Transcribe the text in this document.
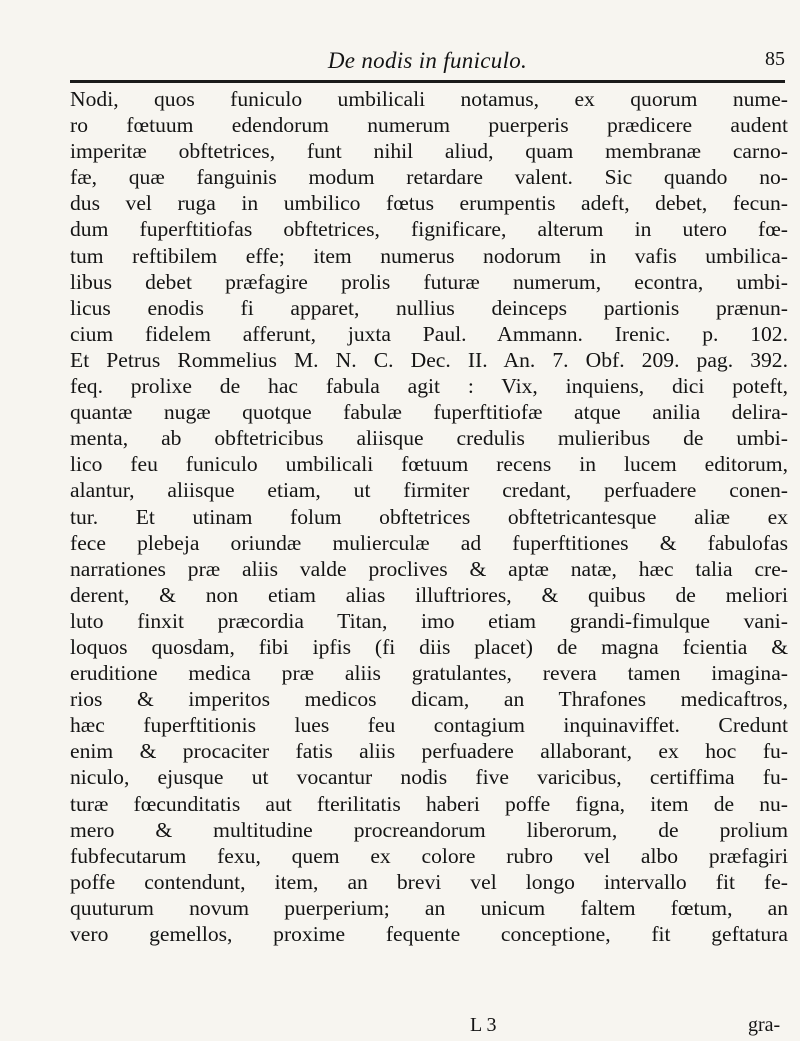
De nodis in funiculo.	85
Nodi, quos funiculo umbilicali notamus, ex quorum nume-
ro fœtuum edendorum numerum puerperis prædicere audent
imperitæ obftetrices, funt nihil aliud, quam membranæ carno-
fæ, quæ fanguinis modum retardare valent. Sic quando no-
dus vel ruga in umbilico fœtus erumpentis adeft, debet, fecun-
dum fuperftitiofas obftetrices, fignificare, alterum in utero fœ-
tum reftibilem effe; item numerus nodorum in vafis umbilica-
libus debet præfagire prolis futuræ numerum, econtra, umbi-
licus enodis fi apparet, nullius deinceps partionis prænun-
cium fidelem afferunt, juxta Paul. Ammann. Irenic. p. 102.
Et Petrus Rommelius M. N. C. Dec. II. An. 7. Obf. 209. pag. 392.
feq. prolixe de hac fabula agit : Vix, inquiens, dici poteft,
quantæ nugæ quotque fabulæ fuperftitiofæ atque anilia delira-
menta, ab obftetricibus aliisque credulis mulieribus de umbi-
lico feu funiculo umbilicali fœtuum recens in lucem editorum,
alantur, aliisque etiam, ut firmiter credant, perfuadere conen-
tur. Et utinam folum obftetrices obftetricantesque aliæ ex
fece plebeja oriundæ mulierculæ ad fuperftitiones & fabulofas
narrationes præ aliis valde proclives & aptæ natæ, hæc talia cre-
derent, & non etiam alias illuftriores, & quibus de meliori
luto finxit præcordia Titan, imo etiam grandi-fimulque vani-
loquos quosdam, fibi ipfis (fi diis placet) de magna fcientia &
eruditione medica præ aliis gratulantes, revera tamen imagina-
rios & imperitos medicos dicam, an Thrafones medicaftros,
hæc fuperftitionis lues feu contagium inquinaviffet. Credunt
enim & procaciter fatis aliis perfuadere allaborant, ex hoc fu-
niculo, ejusque ut vocantur nodis five varicibus, certiffima fu-
turæ fœcunditatis aut fterilitatis haberi poffe figna, item de nu-
mero & multitudine procreandorum liberorum, de prolium
fubfecutarum fexu, quem ex colore rubro vel albo præfagiri
poffe contendunt, item, an brevi vel longo intervallo fit fe-
quuturum novum puerperium; an unicum faltem fœtum, an
vero gemellos, proxime fequente conceptione, fit geftatura
L 3	gra-
